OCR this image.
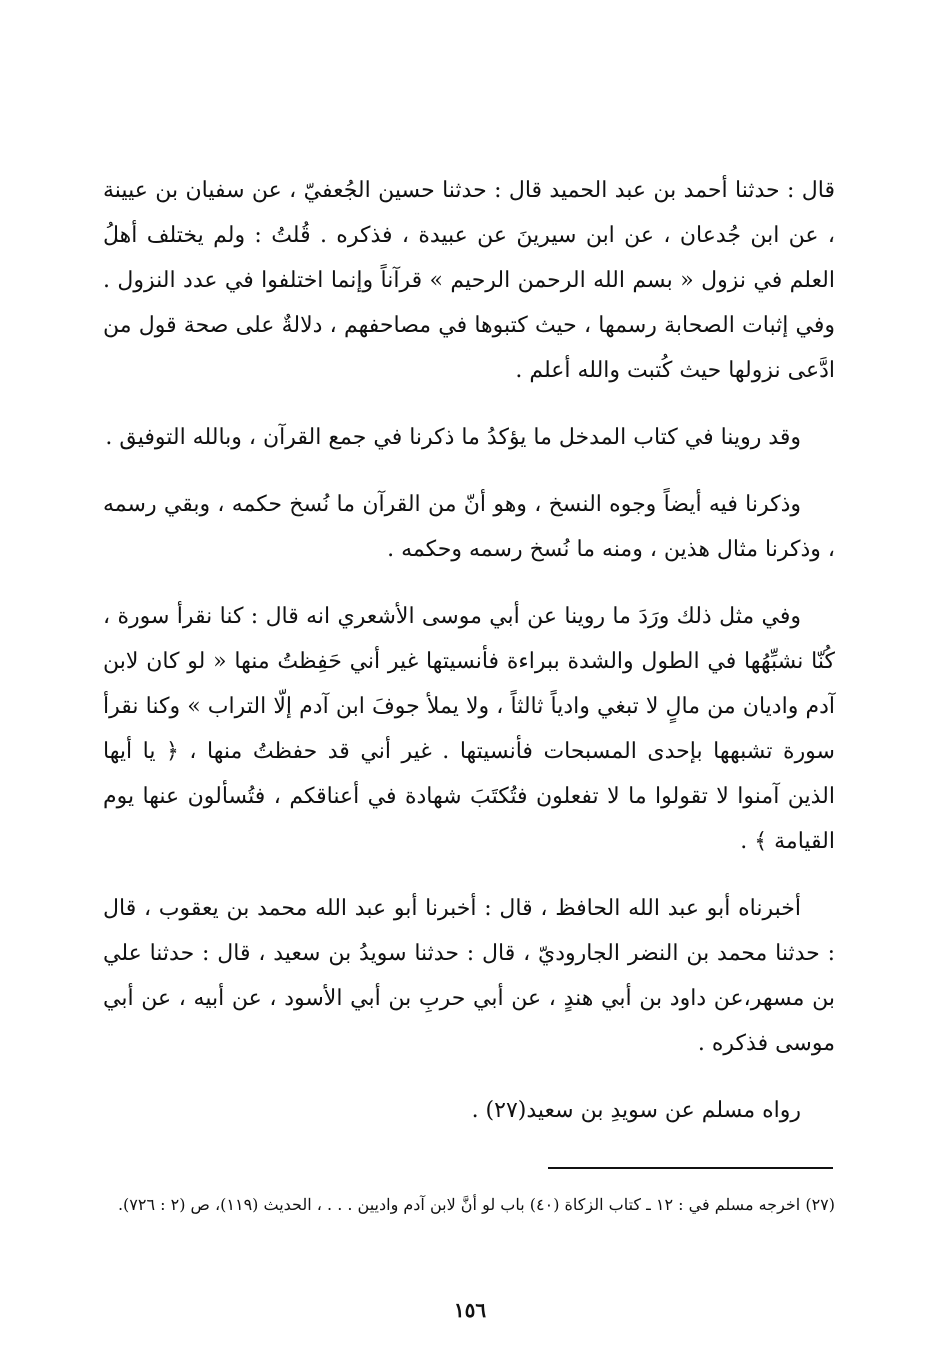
قال : حدثنا أحمد بن عبد الحميد قال : حدثنا حسين الجُعفيّ ، عن سفيان بن عيينة ، عن ابن جُدعان ، عن ابن سيرينَ عن عبيدة ، فذكره . قُلتُ : ولم يختلف أهلُ العلم في نزول « بسم الله الرحمن الرحيم » قرآناً وإنما اختلفوا في عدد النزول . وفي إثبات الصحابة رسمها ، حيث كتبوها في مصاحفهم ، دلالةٌ على صحة قول من ادَّعى نزولها حيث كُتبت والله أعلم .

وقد روينا في كتاب المدخل ما يؤكدُ ما ذكرنا في جمع القرآن ، وبالله التوفيق .

وذكرنا فيه أيضاً وجوه النسخ ، وهو أنّ من القرآن ما نُسخ حكمه ، وبقي رسمه ، وذكرنا مثال هذين ، ومنه ما نُسخ رسمه وحكمه .

وفي مثل ذلك ورَدَ ما روينا عن أبي موسى الأشعري انه قال : كنا نقرأ سورة ، كُنّا نشبِّهُها في الطول والشدة ببراءة فأنسيتها غير أني حَفِظتُ منها « لو كان لابن آدم واديان من مالٍ لا تبغي وادياً ثالثاً ، ولا يملأ جوفَ ابن آدم إلّا التراب » وكنا نقرأ سورة تشبهها بإحدى المسبحات فأنسيتها . غير أني قد حفظتُ منها ، ﴿ يا أيها الذين آمنوا لا تقولوا ما لا تفعلون فتُكتَبَ شهادة في أعناقكم ، فتُسألون عنها يوم القيامة ﴾ .

أخبرناه أبو عبد الله الحافظ ، قال : أخبرنا أبو عبد الله محمد بن يعقوب ، قال : حدثنا محمد بن النضر الجاروديّ ، قال : حدثنا سويدُ بن سعيد ، قال : حدثنا علي بن مسهر،عن داود بن أبي هندٍ ، عن أبي حربِ بن أبي الأسود ، عن أبيه ، عن أبي موسى فذكره .

رواه مسلم عن سويدِ بن سعيد(٢٧) .

(٢٧) اخرجه مسلم في : ١٢ ـ كتاب الزكاة (٤٠) باب لو أنَّ لابن آدم واديين . . . ، الحديث (١١٩)، ص (٢ : ٧٢٦).
١٥٦
